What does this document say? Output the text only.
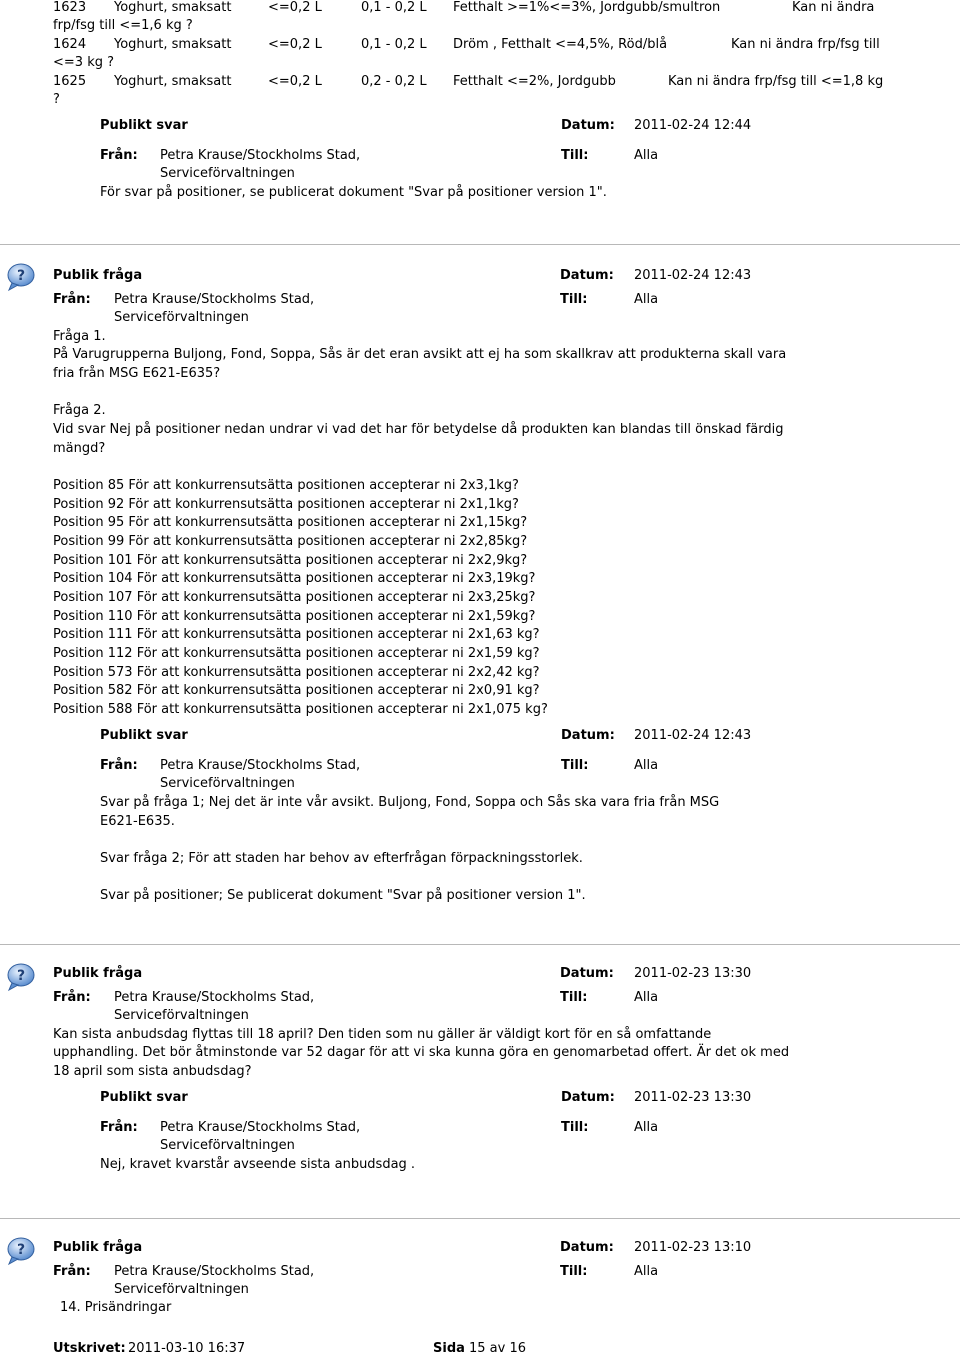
1623 Yoghurt, smaksatt	<=0,2 L	0,1 - 0,2 L Fetthalt >=1%<=3%, Jordgubb/smultron	Kan ni ändra
frp/fsg till <=1,6 kg ?
1624 Yoghurt, smaksatt	<=0,2 L	0,1 - 0,2 L Dröm , Fetthalt <=4,5%, Röd/blå	Kan ni ändra frp/fsg till
<=3 kg ?
1625 Yoghurt, smaksatt	<=0,2 L	0,2 - 0,2 L Fetthalt <=2%, Jordgubb	Kan ni ändra frp/fsg till <=1,8 kg
?
Publikt svar	Datum: 2011-02-24 12:44
Från: Petra Krause/Stockholms Stad,
Serviceförvaltningen
Till:	Alla
För svar på positioner, se publicerat dokument "Svar på positioner version 1".
? Publik fråga	Datum: 2011-02-24 12:43
Från: Petra Krause/Stockholms Stad,
Serviceförvaltningen
Till:	Alla
Fråga 1.
På Varugrupperna Buljong, Fond, Soppa, Sås är det eran avsikt att ej ha som skallkrav att produkterna skall vara
fria från MSG E621-E635?
Fråga 2.
Vid svar Nej på positioner nedan undrar vi vad det har för betydelse då produkten kan blandas till önskad färdig
mängd?
Position 85 För att konkurrensutsätta positionen accepterar ni 2x3,1kg?
Position 92 För att konkurrensutsätta positionen accepterar ni 2x1,1kg?
Position 95 För att konkurrensutsätta positionen accepterar ni 2x1,15kg?
Position 99 För att konkurrensutsätta positionen accepterar ni 2x2,85kg?
Position 101 För att konkurrensutsätta positionen accepterar ni 2x2,9kg?
Position 104 För att konkurrensutsätta positionen accepterar ni 2x3,19kg?
Position 107 För att konkurrensutsätta positionen accepterar ni 2x3,25kg?
Position 110 För att konkurrensutsätta positionen accepterar ni 2x1,59kg?
Position 111 För att konkurrensutsätta positionen accepterar ni 2x1,63 kg?
Position 112 För att konkurrensutsätta positionen accepterar ni 2x1,59 kg?
Position 573 För att konkurrensutsätta positionen accepterar ni 2x2,42 kg?
Position 582 För att konkurrensutsätta positionen accepterar ni 2x0,91 kg?
Position 588 För att konkurrensutsätta positionen accepterar ni 2x1,075 kg?
Publikt svar	Datum: 2011-02-24 12:43
Från: Petra Krause/Stockholms Stad,
Serviceförvaltningen
Till:	Alla
Svar på fråga 1; Nej det är inte vår avsikt. Buljong, Fond, Soppa och Sås ska vara fria från MSG
E621-E635.
Svar fråga 2; För att staden har behov av efterfrågan förpackningsstorlek.
Svar på positioner; Se publicerat dokument "Svar på positioner version 1".
? Publik fråga	Datum: 2011-02-23 13:30
Från: Petra Krause/Stockholms Stad,
Serviceförvaltningen
Till:	Alla
Kan sista anbudsdag flyttas till 18 april? Den tiden som nu gäller är väldigt kort för en så omfattande
upphandling. Det bör åtminstonde var 52 dagar för att vi ska kunna göra en genomarbetad offert. Är det ok med
18 april som sista anbudsdag?
Publikt svar	Datum: 2011-02-23 13:30
Från: Petra Krause/Stockholms Stad,
Serviceförvaltningen
Till:	Alla
Nej, kravet kvarstår avseende sista anbudsdag .
? Publik fråga	Datum: 2011-02-23 13:10
Från: Petra Krause/Stockholms Stad,
Serviceförvaltningen
Till:	Alla
14. Prisändringar
Utskrivet: 2011-03-10 16:37	Sida 15 av 16
